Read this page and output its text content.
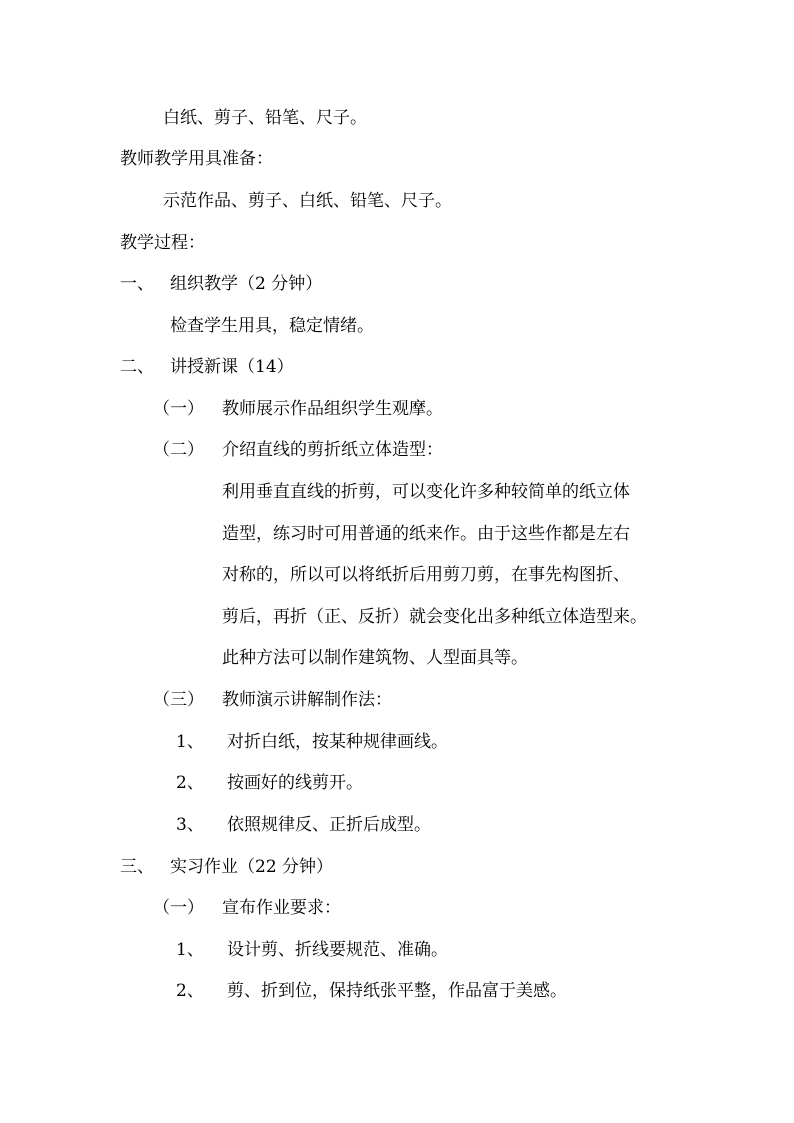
白纸、剪子、铅笔、尺子。
教师教学用具准备：
示范作品、剪子、白纸、铅笔、尺子。
教学过程：
一、 组织教学（2 分钟）
检查学生用具，稳定情绪。
二、 讲授新课（14）
（一） 教师展示作品组织学生观摩。
（二） 介绍直线的剪折纸立体造型：
利用垂直直线的折剪，可以变化许多种较简单的纸立体
造型，练习时可用普通的纸来作。由于这些作都是左右
对称的，所以可以将纸折后用剪刀剪，在事先构图折、
剪后，再折（正、反折）就会变化出多种纸立体造型来。
此种方法可以制作建筑物、人型面具等。
（三） 教师演示讲解制作法：
1、 对折白纸，按某种规律画线。
2、 按画好的线剪开。
3、 依照规律反、正折后成型。
三、 实习作业（22 分钟）
（一） 宣布作业要求：
1、 设计剪、折线要规范、准确。
2、 剪、折到位，保持纸张平整，作品富于美感。
